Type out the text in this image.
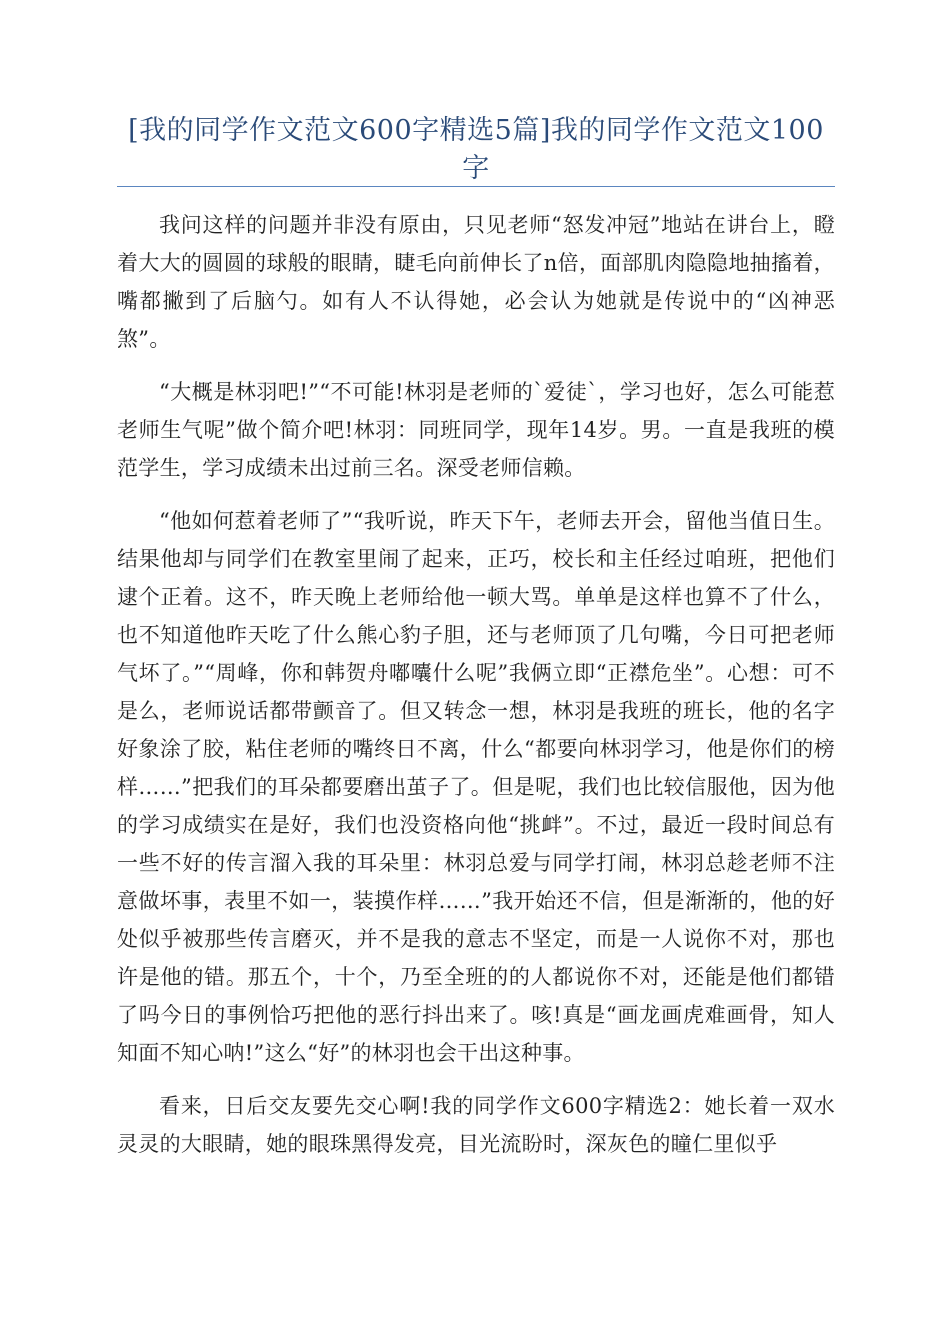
[我的同学作文范文600字精选5篇]我的同学作文范文100字

我问这样的问题并非没有原由，只见老师“怒发冲冠”地站在讲台上，瞪着大大的圆圆的球般的眼睛，睫毛向前伸长了n倍，面部肌肉隐隐地抽搐着，嘴都撇到了后脑勺。如有人不认得她，必会认为她就是传说中的“凶神恶煞”。

“大概是林羽吧!”“不可能!林羽是老师的`爱徒`，学习也好，怎么可能惹老师生气呢”做个简介吧!林羽：同班同学，现年14岁。男。一直是我班的模范学生，学习成绩未出过前三名。深受老师信赖。

“他如何惹着老师了”“我听说，昨天下午，老师去开会，留他当值日生。结果他却与同学们在教室里闹了起来，正巧，校长和主任经过咱班，把他们逮个正着。这不，昨天晚上老师给他一顿大骂。单单是这样也算不了什么，也不知道他昨天吃了什么熊心豹子胆，还与老师顶了几句嘴，今日可把老师气坏了。”“周峰，你和韩贺舟嘟囔什么呢”我俩立即“正襟危坐”。心想：可不是么，老师说话都带颤音了。但又转念一想，林羽是我班的班长，他的名字好象涂了胶，粘住老师的嘴终日不离，什么“都要向林羽学习，他是你们的榜样……”把我们的耳朵都要磨出茧子了。但是呢，我们也比较信服他，因为他的学习成绩实在是好，我们也没资格向他“挑衅”。不过，最近一段时间总有一些不好的传言溜入我的耳朵里：林羽总爱与同学打闹，林羽总趁老师不注意做坏事，表里不如一，装摸作样……”我开始还不信，但是渐渐的，他的好处似乎被那些传言磨灭，并不是我的意志不坚定，而是一人说你不对，那也许是他的错。那五个，十个，乃至全班的的人都说你不对，还能是他们都错了吗今日的事例恰巧把他的恶行抖出来了。咳!真是“画龙画虎难画骨，知人知面不知心呐!”这么“好”的林羽也会干出这种事。

看来，日后交友要先交心啊!我的同学作文600字精选2：她长着一双水灵灵的大眼睛，她的眼珠黑得发亮，目光流盼时，深灰色的瞳仁里似乎
